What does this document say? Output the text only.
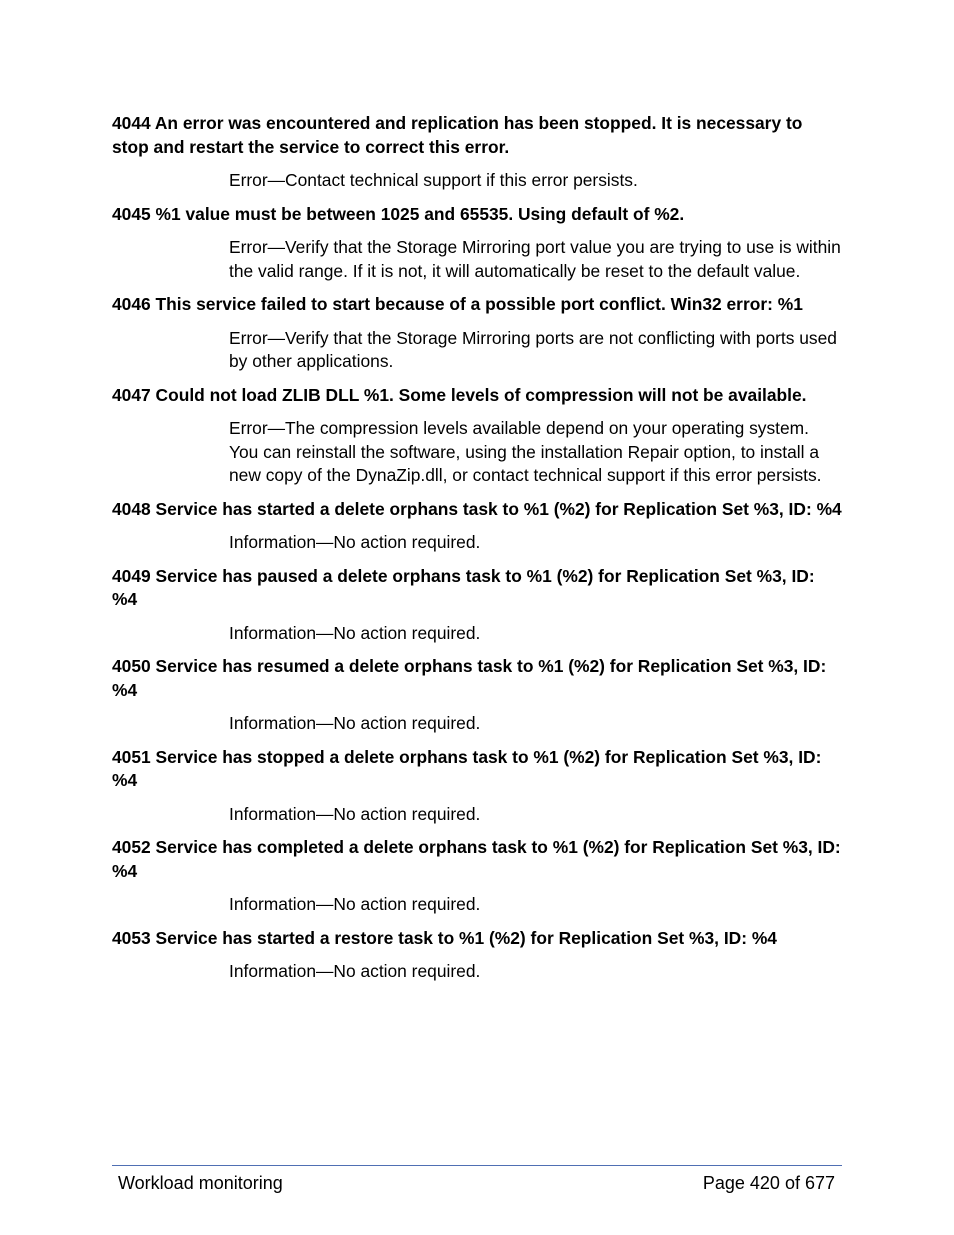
4044 An error was encountered and replication has been stopped. It is necessary to stop and restart the service to correct this error.

Error—Contact technical support if this error persists.

4045 %1 value must be between 1025 and 65535. Using default of %2.

Error—Verify that the Storage Mirroring port value you are trying to use is within the valid range. If it is not, it will automatically be reset to the default value.

4046 This service failed to start because of a possible port conflict. Win32 error: %1

Error—Verify that the Storage Mirroring ports are not conflicting with ports used by other applications.

4047 Could not load ZLIB DLL %1. Some levels of compression will not be available.

Error—The compression levels available depend on your operating system. You can reinstall the software, using the installation Repair option, to install a new copy of the DynaZip.dll, or contact technical support if this error persists.

4048 Service has started a delete orphans task to %1 (%2) for Replication Set %3, ID: %4

Information—No action required.

4049 Service has paused a delete orphans task to %1 (%2) for Replication Set %3, ID: %4

Information—No action required.

4050 Service has resumed a delete orphans task to %1 (%2) for Replication Set %3, ID: %4

Information—No action required.

4051 Service has stopped a delete orphans task to %1 (%2) for Replication Set %3, ID: %4

Information—No action required.

4052 Service has completed a delete orphans task to %1 (%2) for Replication Set %3, ID: %4

Information—No action required.

4053 Service has started a restore task to %1 (%2) for Replication Set %3, ID: %4

Information—No action required.

Workload monitoring	Page 420 of 677
